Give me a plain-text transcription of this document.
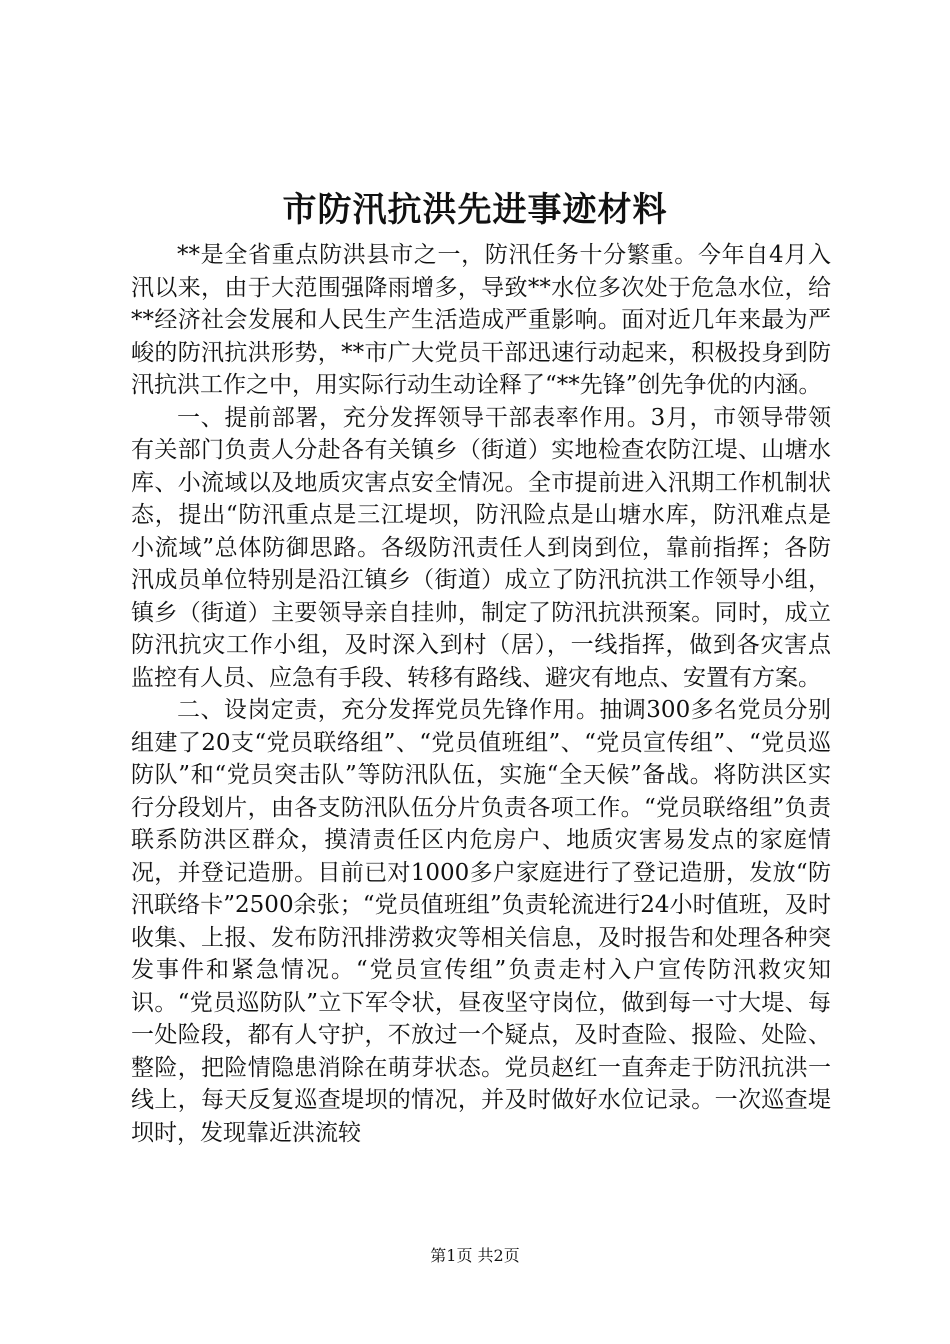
市防汛抗洪先进事迹材料

**是全省重点防洪县市之一，防汛任务十分繁重。今年自4月入汛以来，由于大范围强降雨增多，导致**水位多次处于危急水位，给**经济社会发展和人民生产生活造成严重影响。面对近几年来最为严峻的防汛抗洪形势，**市广大党员干部迅速行动起来，积极投身到防汛抗洪工作之中，用实际行动生动诠释了“**先锋”创先争优的内涵。

一、提前部署，充分发挥领导干部表率作用。3月，市领导带领有关部门负责人分赴各有关镇乡（街道）实地检查农防江堤、山塘水库、小流域以及地质灾害点安全情况。全市提前进入汛期工作机制状态，提出“防汛重点是三江堤坝，防汛险点是山塘水库，防汛难点是小流域”总体防御思路。各级防汛责任人到岗到位，靠前指挥；各防汛成员单位特别是沿江镇乡（街道）成立了防汛抗洪工作领导小组，镇乡（街道）主要领导亲自挂帅，制定了防汛抗洪预案。同时，成立防汛抗灾工作小组，及时深入到村（居），一线指挥，做到各灾害点监控有人员、应急有手段、转移有路线、避灾有地点、安置有方案。

二、设岗定责，充分发挥党员先锋作用。抽调300多名党员分别组建了20支“党员联络组”、“党员值班组”、“党员宣传组”、“党员巡防队”和“党员突击队”等防汛队伍，实施“全天候”备战。将防洪区实行分段划片，由各支防汛队伍分片负责各项工作。“党员联络组”负责联系防洪区群众，摸清责任区内危房户、地质灾害易发点的家庭情况，并登记造册。目前已对1000多户家庭进行了登记造册，发放“防汛联络卡”2500余张；“党员值班组”负责轮流进行24小时值班，及时收集、上报、发布防汛排涝救灾等相关信息，及时报告和处理各种突发事件和紧急情况。“党员宣传组”负责走村入户宣传防汛救灾知识。“党员巡防队”立下军令状，昼夜坚守岗位，做到每一寸大堤、每一处险段，都有人守护，不放过一个疑点，及时查险、报险、处险、整险，把险情隐患消除在萌芽状态。党员赵红一直奔走于防汛抗洪一线上，每天反复巡查堤坝的情况，并及时做好水位记录。一次巡查堤坝时，发现靠近洪流较

第1页 共2页
